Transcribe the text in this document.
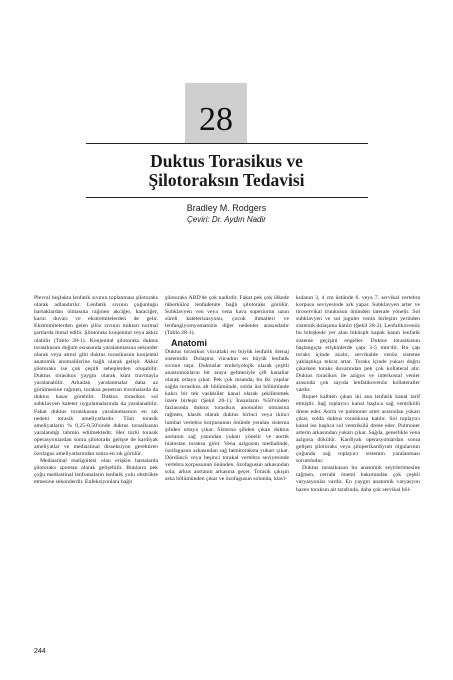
28
Duktus Torasikus ve
Şilotoraksın Tedavisi
Bradley M. Rodgers
Çeviri: Dr. Aydın Nadir

Plevral boşlukta lenfatik sıvının toplanması şilotoraks olarak adlandırılır. Lenfatik sıvının çoğunluğu barsaklardan olmasına rağmen akciğer, karaciğer, karın duvarı ve ekstremitelerden de gelir. Ekstremitelerden gelen şilöz sıvının miktarı normal şartlarda ihmal edilir. Şilotoraks konjenital veya akkiz olabilir (Tablo 28-1). Konjenital şilotoraks duktus torasikusun doğum esnasında yaralanmasına sekonder olarak veya atrezi gibi duktus torasikusun konjental anatomik anomalilerine bağlı olarak gelişir. Akkiz şilotoraks ise çok çeşitli sebeplerden oluşabilir. Duktus torasikus yaygın olarak künt travmayla yaralanabilir. Arkadan yaralanmalar daha az görülmesine rağmen, toraksa penetran travmalarda da duktus hasar görebilir. Duktus torasikus sol subklavyen kateter uygulamalarında da yaralanabilir. Fakat duktus torasikusun yaralanmasının en sık nedeni torasik ameliyatlardır. Tüm torasik ameliyatların % 0,25-0,50'sinde duktus torasikusun yaralandığı tahmin edilmektedir. Her türlü torasik operasyonlardan sonra şilotoraks gelişse de kardiyak ameliyatlar ve mediastinal disseksiyon gerektiren özofagus ameliyatlarından sonra en sık görülür.

Mediastinal malignitesi olan erişkin hastalarda şilotoraks spontan olarak gelişebilir. Bunların pek çoğu mediastinal lenfomaların lenfatik yolu obstrükte etmesine sekonderdir. Enfeksiyonlara bağlı

şilotoraks ABD'de çok nadirdir. Fakat pek çok ülkede tüberküloz lenfadenite bağlı şilotoraks görülür. Subklavyen ven veya vena kava superiorun uzun süreli kateterizasyonu, çocuk ihmalleri ve lenfangiyomyomatozis diğer nedenler arasındadır (Tablo 28-1).

Anatomi

Duktus torasikus vücuttaki en büyük lenfatik drenaj sistemidir. Dolaşma vücudun en büyük lenfatik sıvının taşır. Duktuslar embriyolojik olarak çeşitli anastomozların bir araya gelmesiyle çift kanallar olarak ortaya çıkar. Pek çok insanda; bu iki yapılar sağda torasikus alt bölümünde, solda üst bölümünde kalıcı bir tek vaskküler kanal olarak şekillenmek üzere birleşir (Şekil 28-1). İnsanların %50'sinden fazlasında duktus torasikus anomalisi olmasına rağmen, klasik olarak duktus birinci veya ikinci lumbal vertebra korpusunun önünde yeralan sisterna şiliden ortaya çıkar. Sisterna şiliden çıkan duktus aortanın sağ yanından yukarı yönelir ve aortik hiatustan toraksa girer. Vena azigosun medialinde, özofagusun arkasından sağ hemitoraksta yukarı çıkar. Dördüncü veya beşinci torakal vertebra seviyesinde vertebra korpusunun önünden, özofagusun arkasından sola, arkus aortanın arkasına geçer. Torasik çıkışın arka bölümünden çıkar ve özofagusun solunda, klavi-

kulanın 3, 4 cm üstünde 6. veya 7. servikal vertebra korpusu seviyesinde ark yapar. Subklavyen arter ve tiroservikal trunkusun önünden lateralе yönelir. Sol subklavyen ve sol juguler venin birleşim yerinden sistemik dolaşıma katılır (Şekil 28-2). Lenfatikovenöz bu bileşkede yer alan biküspit kapak kanın lenfatik sisteme geçişini engeller. Duktus torasikusun başlangıçta erişkinlerde çapı 3-5 mm'dir. Bu çap toraks içinde azalır, servikalde venöz sisteme yaklaştıkça tekrar artar. Toraks içinde yukarı doğru çıkarken toraks duvarından pek çok kollateral alır. Duktus torasikus ile azigos ve interkostal venler arasında çok sayıda lenfatikovenöz kollateraller vardır.

Riquet kalbten çıkan iki ana lenfatik kanal tarif etmiştir. Sağ toplayıcı kanal başlıca sağ ventrikülü drene eder. Aorta ve pulmoner arter arasından yukarı çıkar, solda duktus torasikusa katılır. Sol toplayıcı kanal ise başlıca sol ventrikülü drene eder. Pulmoner arterin arkasından yukarı çıkar. Sağda, genellikle vena azigosa dökülür. Kardiyak operasyonlardan sonra gelişen şilotoraks veya şiloperikardiyum olgularının çoğunda sağ toplayıcı sistemin yaralanması sorumludur.

Duktus torasikusun bu anatomik seyirlerlmesine rağmen, cerrahi önemi bakımından çok çeşitli varyasyonlar vardır. En yaygın anatomik varyasyon bazen toraksın alt tarafında, daha çok servikal böl-

244
